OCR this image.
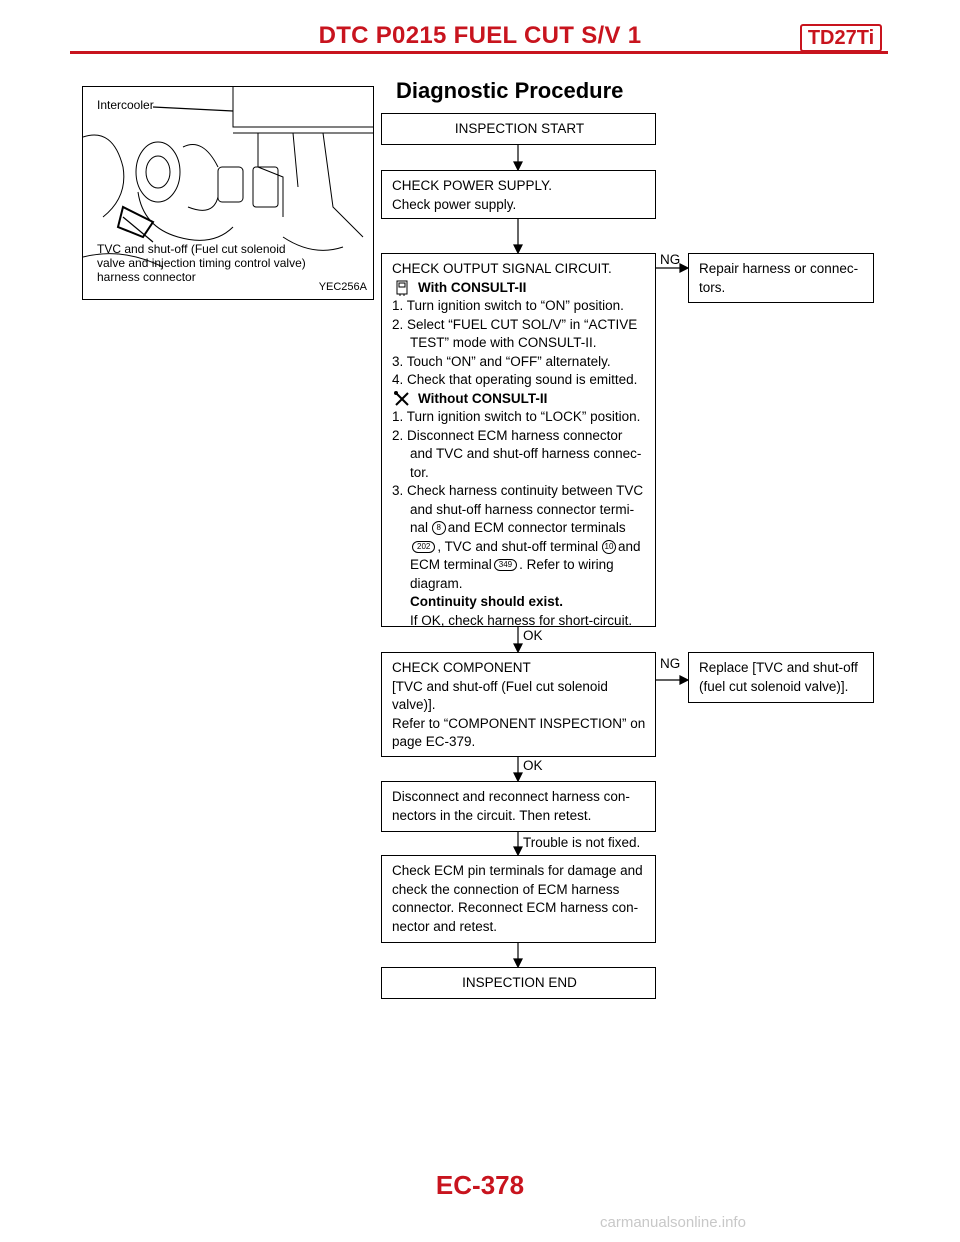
DTC P0215 FUEL CUT S/V 1	TD27Ti
Intercooler
TVC and shut-off (Fuel cut solenoid
valve and injection timing control valve)
harness connector
YEC256A
Diagnostic Procedure
INSPECTION START
CHECK POWER SUPPLY.
Check power supply.
CHECK OUTPUT SIGNAL CIRCUIT.
With CONSULT-II
1. Turn ignition switch to “ON” position.
2. Select “FUEL CUT SOL/V” in “ACTIVE
TEST” mode with CONSULT-II.
3. Touch “ON” and “OFF” alternately.
4. Check that operating sound is emitted.
Without CONSULT-II
1. Turn ignition switch to “LOCK” position.
2. Disconnect ECM harness connector
and TVC and shut-off harness connec-
tor.
3. Check harness continuity between TVC
and shut-off harness connector termi-
nal 8 and ECM connector terminals
202 , TVC and shut-off terminal 10 and
ECM terminal 349 . Refer to wiring
diagram.
Continuity should exist.
If OK, check harness for short-circuit.
NG
Repair harness or connec-
tors.
OK
CHECK COMPONENT
[TVC and shut-off (Fuel cut solenoid
valve)].
Refer to “COMPONENT INSPECTION” on
page EC-379.
NG Replace [TVC and shut-off
(fuel cut solenoid valve)].
OK
Disconnect and reconnect harness con-
nectors in the circuit. Then retest.
Trouble is not fixed.
Check ECM pin terminals for damage and
check the connection of ECM harness
connector. Reconnect ECM harness con-
nector and retest.
INSPECTION END
EC-378
carmanualsonline.info
